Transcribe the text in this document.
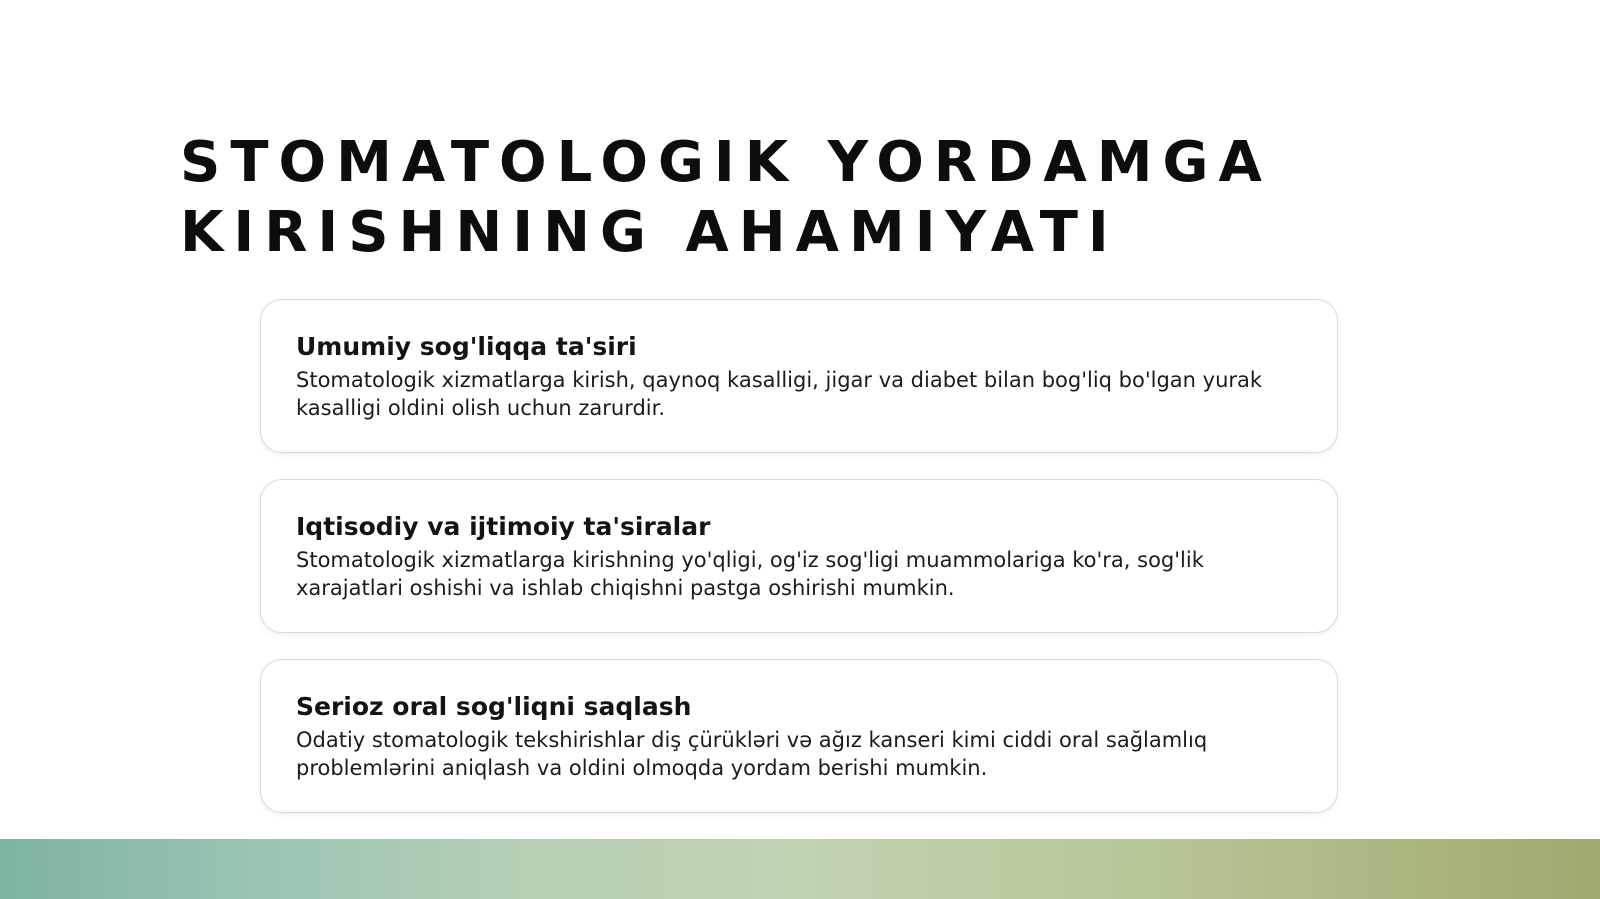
STOMATOLOGIK YORDAMGA
KIRISHNING AHAMIYATI
Umumiy sog'liqqa ta'siri

Stomatologik xizmatlarga kirish, qaynoq kasalligi, jigar va diabet bilan bog'liq bo'lgan yurak kasalligi oldini olish uchun zarurdir.

Iqtisodiy va ijtimoiy ta'siralar

Stomatologik xizmatlarga kirishning yo'qligi, og'iz sog'ligi muammolariga ko'ra, sog'lik xarajatlari oshishi va ishlab chiqishni pastga oshirishi mumkin.

Serioz oral sog'liqni saqlash

Odatiy stomatologik tekshirishlar diş çürükləri və ağız kanseri kimi ciddi oral sağlamlıq problemlərini aniqlash va oldini olmoqda yordam berishi mumkin.
